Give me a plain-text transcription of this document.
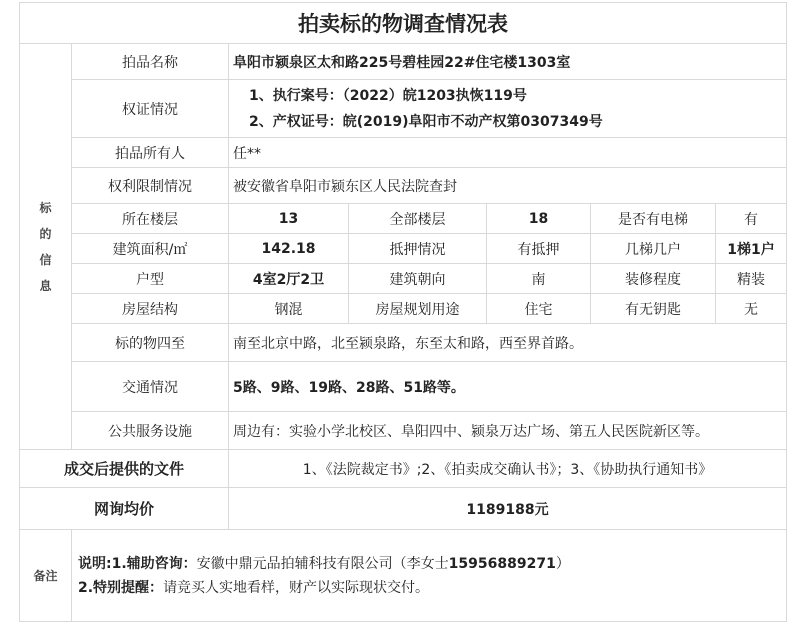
拍卖标的物调查情况表						

标
的
信
息	拍品名称	阜阳市颍泉区太和路225号碧桂园22#住宅楼1303室				
	权证情况	1、执行案号：（2022）皖1203执恢119号
2、产权证号：皖(2019)阜阳市不动产权第0307349号				

	拍品所有人	任**				
	权利限制情况	被安徽省阜阳市颍东区人民法院查封				
	所在楼层	13	全部楼层	18	是否有电梯	有
	建筑面积/㎡	142.18	抵押情况	有抵押	几梯几户	1梯1户
	户型	4室2厅2卫	建筑朝向	南	装修程度	精装
	房屋结构	钢混	房屋规划用途	住宅	有无钥匙	无
	标的物四至	南至北京中路，北至颍泉路，东至太和路，西至界首路。				
	交通情况	5路、9路、19路、28路、51路等。				
	公共服务设施	周边有：实验小学北校区、阜阳四中、颍泉万达广场、第五人民医院新区等。				
成交后提供的文件		1、《法院裁定书》;2、《拍卖成交确认书》；3、《协助执行通知书》				
网询均价		1189188元				
备注	说明:1.辅助咨询：安徽中鼎元品拍辅科技有限公司（李女士15956889271）
2.特别提醒：请竞买人实地看样，财产以实际现状交付。					
